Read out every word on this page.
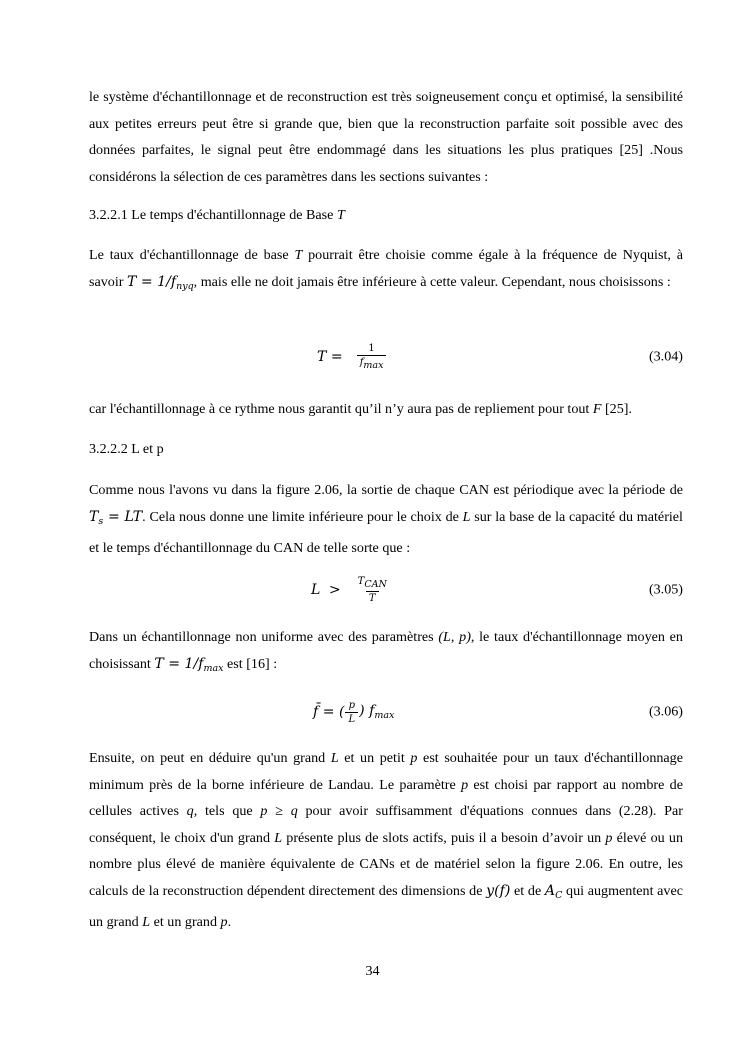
le système d'échantillonnage et de reconstruction est très soigneusement conçu et optimisé, la sensibilité aux petites erreurs peut être si grande que, bien que la reconstruction parfaite soit possible avec des données parfaites, le signal peut être endommagé dans les situations les plus pratiques [25] .Nous considérons la sélection de ces paramètres dans les sections suivantes :

3.2.2.1 Le temps d'échantillonnage de Base T

Le taux d'échantillonnage de base T pourrait être choisie comme égale à la fréquence de Nyquist, à savoir $T = 1/f_{nyq}$, mais elle ne doit jamais être inférieure à cette valeur. Cependant, nous choisissons :

$T = \frac{1}{fmax}$	(3.04)

car l'échantillonnage à ce rythme nous garantit qu’il n’y aura pas de repliement pour tout F [25].

3.2.2.2 L et p

Comme nous l'avons vu dans la figure 2.06, la sortie de chaque CAN est périodique avec la période de $T_s$ = LT. Cela nous donne une limite inférieure pour le choix de L sur la base de la capacité du matériel et le temps d'échantillonnage du CAN de telle sorte que :

$L > \frac{\text{TCAN}}{T}$	(3.05)

Dans un échantillonnage non uniforme avec des paramètres (L, p), le taux d'échantillonnage moyen en choisissant $T = 1/f_{max}$ est [16] :

f̄ = ( $\frac{p}{L}$ ) $f_{max}$	(3.06)

Ensuite, on peut en déduire qu'un grand L et un petit p est souhaitée pour un taux d'échantillonnage minimum près de la borne inférieure de Landau. Le paramètre p est choisi par rapport au nombre de cellules actives q, tels que p ≥ q pour avoir suffisamment d'équations connues dans (2.28). Par conséquent, le choix d'un grand L présente plus de slots actifs, puis il a besoin d’avoir un p élevé ou un nombre plus élevé de manière équivalente de CANs et de matériel selon la figure 2.06. En outre, les calculs de la reconstruction dépendent directement des dimensions de y(f) et de $A_C$ qui augmentent avec un grand L et un grand p.

34
